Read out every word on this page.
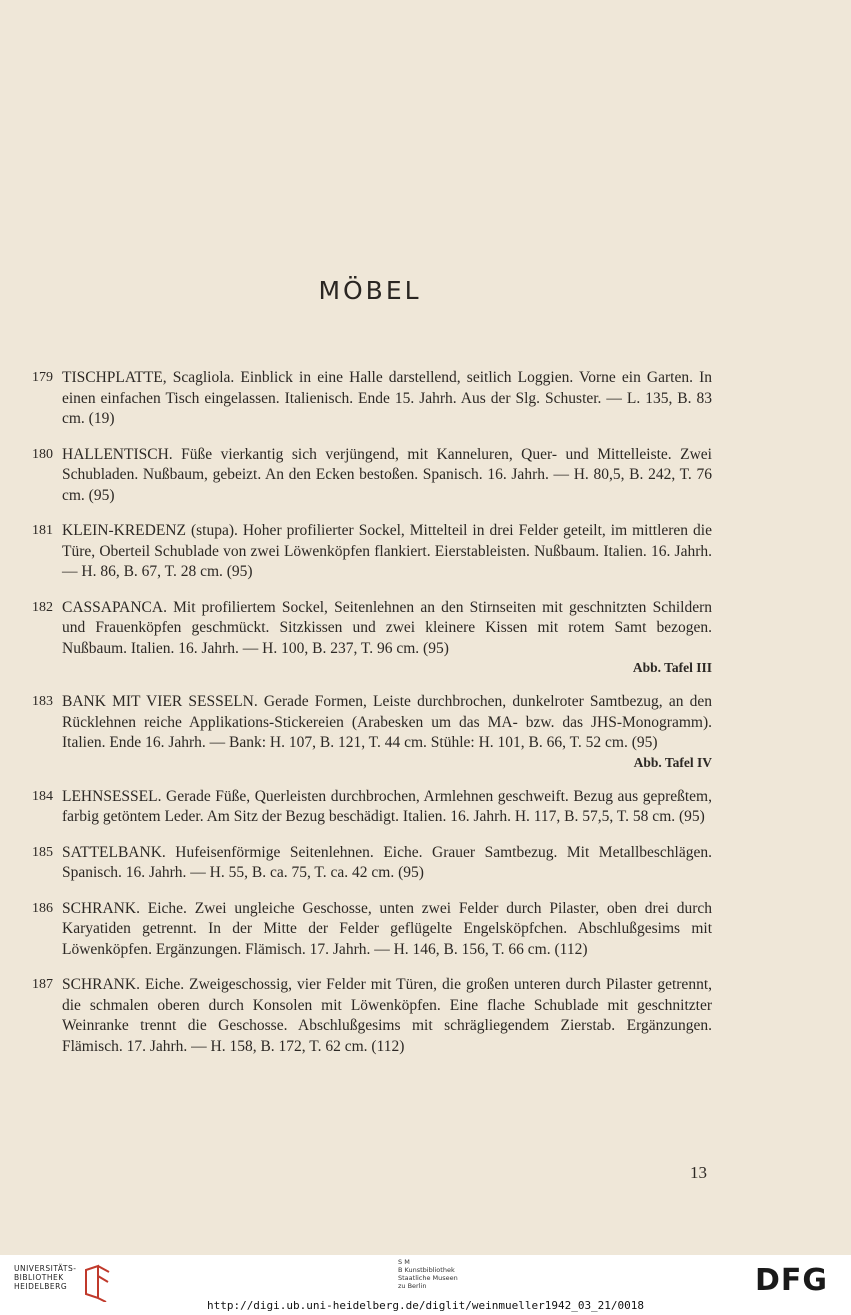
MÖBEL
179 TISCHPLATTE, Scagliola. Einblick in eine Halle darstellend, seitlich Loggien. Vorne ein Garten. In einen einfachen Tisch eingelassen. Italienisch. Ende 15. Jahrh. Aus der Slg. Schuster. — L. 135, B. 83 cm. (19)
180 HALLENTISCH. Füße vierkantig sich verjüngend, mit Kanneluren, Quer- und Mittelleiste. Zwei Schubladen. Nußbaum, gebeizt. An den Ecken bestoßen. Spanisch. 16. Jahrh. — H. 80,5, B. 242, T. 76 cm. (95)
181 KLEIN-KREDENZ (stupa). Hoher profilierter Sockel, Mittelteil in drei Felder geteilt, im mittleren die Türe, Oberteil Schublade von zwei Löwenköpfen flankiert. Eierstableisten. Nußbaum. Italien. 16. Jahrh. — H. 86, B. 67, T. 28 cm. (95)
182 CASSAPANCA. Mit profiliertem Sockel, Seitenlehnen an den Stirnseiten mit geschnitzten Schildern und Frauenköpfen geschmückt. Sitzkissen und zwei kleinere Kissen mit rotem Samt bezogen. Nußbaum. Italien. 16. Jahrh. — H. 100, B. 237, T. 96 cm. (95)
Abb. Tafel III
183 BANK MIT VIER SESSELN. Gerade Formen, Leiste durchbrochen, dunkelroter Samtbezug, an den Rücklehnen reiche Applikations-Stickereien (Arabesken um das MA- bzw. das JHS-Monogramm). Italien. Ende 16. Jahrh. — Bank: H. 107, B. 121, T. 44 cm. Stühle: H. 101, B. 66, T. 52 cm. (95)
Abb. Tafel IV
184 LEHNSESSEL. Gerade Füße, Querleisten durchbrochen, Armlehnen geschweift. Bezug aus gepreßtem, farbig getöntem Leder. Am Sitz der Bezug beschädigt. Italien. 16. Jahrh. H. 117, B. 57,5, T. 58 cm. (95)
185 SATTELBANK. Hufeisenförmige Seitenlehnen. Eiche. Grauer Samtbezug. Mit Metallbeschlägen. Spanisch. 16. Jahrh. — H. 55, B. ca. 75, T. ca. 42 cm. (95)
186 SCHRANK. Eiche. Zwei ungleiche Geschosse, unten zwei Felder durch Pilaster, oben drei durch Karyatiden getrennt. In der Mitte der Felder geflügelte Engelsköpfchen. Abschlußgesims mit Löwenköpfen. Ergänzungen. Flämisch. 17. Jahrh. — H. 146, B. 156, T. 66 cm. (112)
187 SCHRANK. Eiche. Zweigeschossig, vier Felder mit Türen, die großen unteren durch Pilaster getrennt, die schmalen oberen durch Konsolen mit Löwenköpfen. Eine flache Schublade mit geschnitzter Weinranke trennt die Geschosse. Abschlußgesims mit schrägliegendem Zierstab. Ergänzungen. Flämisch. 17. Jahrh. — H. 158, B. 172, T. 62 cm. (112)
13
UNIVERSITÄTS-
BIBLIOTHEK
HEIDELBERG
S M
B Kunstbibliothek
Staatliche Museen
zu Berlin	DFG
http://digi.ub.uni-heidelberg.de/diglit/weinmueller1942_03_21/0018
